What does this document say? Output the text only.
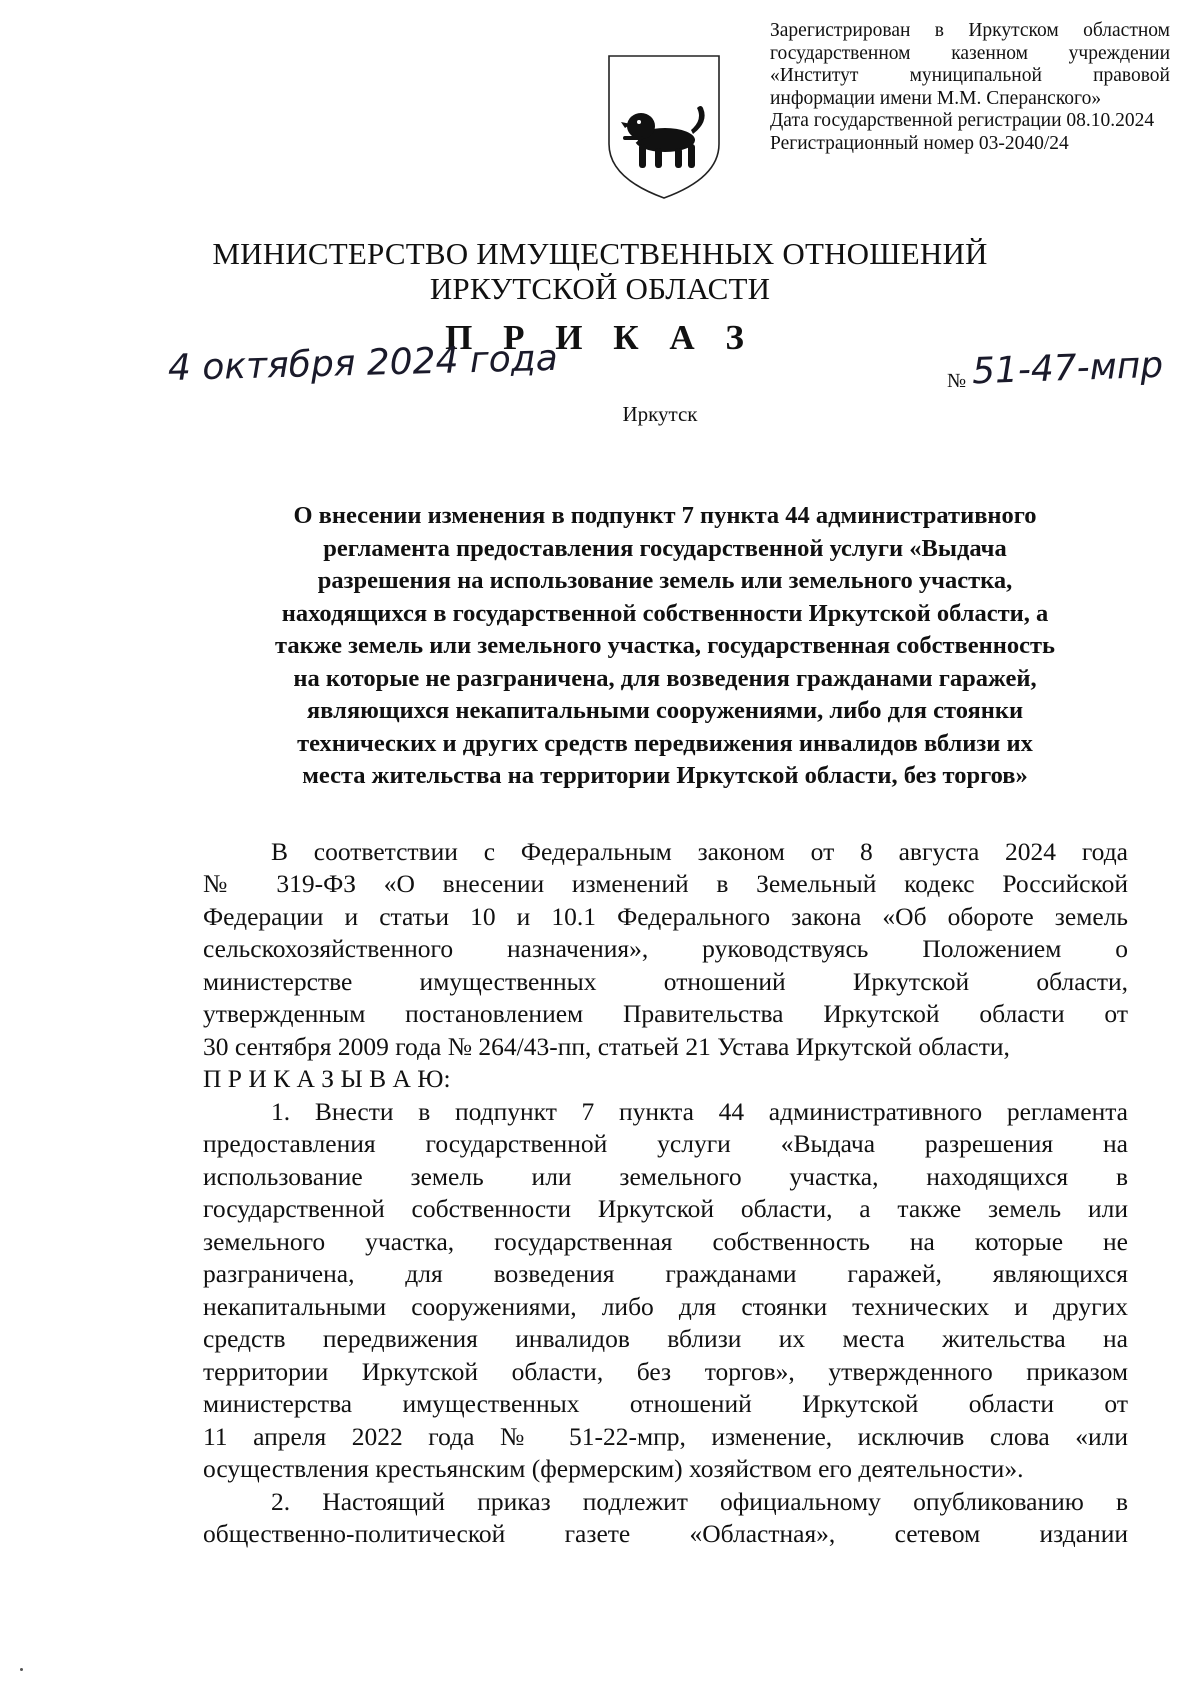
Зарегистрирован в Иркутском областном
государственном казенном учреждении
«Институт муниципальной правовой
информации имени М.М. Сперанского»
Дата государственной регистрации 08.10.2024
Регистрационный номер 03-2040/24
МИНИСТЕРСТВО ИМУЩЕСТВЕННЫХ ОТНОШЕНИЙ
ИРКУТСКОЙ ОБЛАСТИ
П Р И К А З
4 октября 2024 года	№ 51-47-мпр
Иркутск
О внесении изменения в подпункт 7 пункта 44 административного
регламента предоставления государственной услуги «Выдача
разрешения на использование земель или земельного участка,
находящихся в государственной собственности Иркутской области, а
также земель или земельного участка, государственная собственность
на которые не разграничена, для возведения гражданами гаражей,
являющихся некапитальными сооружениями, либо для стоянки
технических и других средств передвижения инвалидов вблизи их
места жительства на территории Иркутской области, без торгов»
В соответствии с Федеральным законом от 8 августа 2024 года
№ 319-ФЗ «О внесении изменений в Земельный кодекс Российской
Федерации и статьи 10 и 10.1 Федерального закона «Об обороте земель
сельскохозяйственного назначения», руководствуясь Положением о
министерстве имущественных отношений Иркутской области,
утвержденным постановлением Правительства Иркутской области от
30 сентября 2009 года № 264/43-пп, статьей 21 Устава Иркутской области,
П Р И К А З Ы В А Ю:
1. Внести в подпункт 7 пункта 44 административного регламента
предоставления государственной услуги «Выдача разрешения на
использование земель или земельного участка, находящихся в
государственной собственности Иркутской области, а также земель или
земельного участка, государственная собственность на которые не
разграничена, для возведения гражданами гаражей, являющихся
некапитальными сооружениями, либо для стоянки технических и других
средств передвижения инвалидов вблизи их места жительства на
территории Иркутской области, без торгов», утвержденного приказом
министерства имущественных отношений Иркутской области от
11 апреля 2022 года № 51-22-мпр, изменение, исключив слова «или
осуществления крестьянским (фермерским) хозяйством его деятельности».
2. Настоящий приказ подлежит официальному опубликованию в
общественно-политической газете «Областная», сетевом издании
